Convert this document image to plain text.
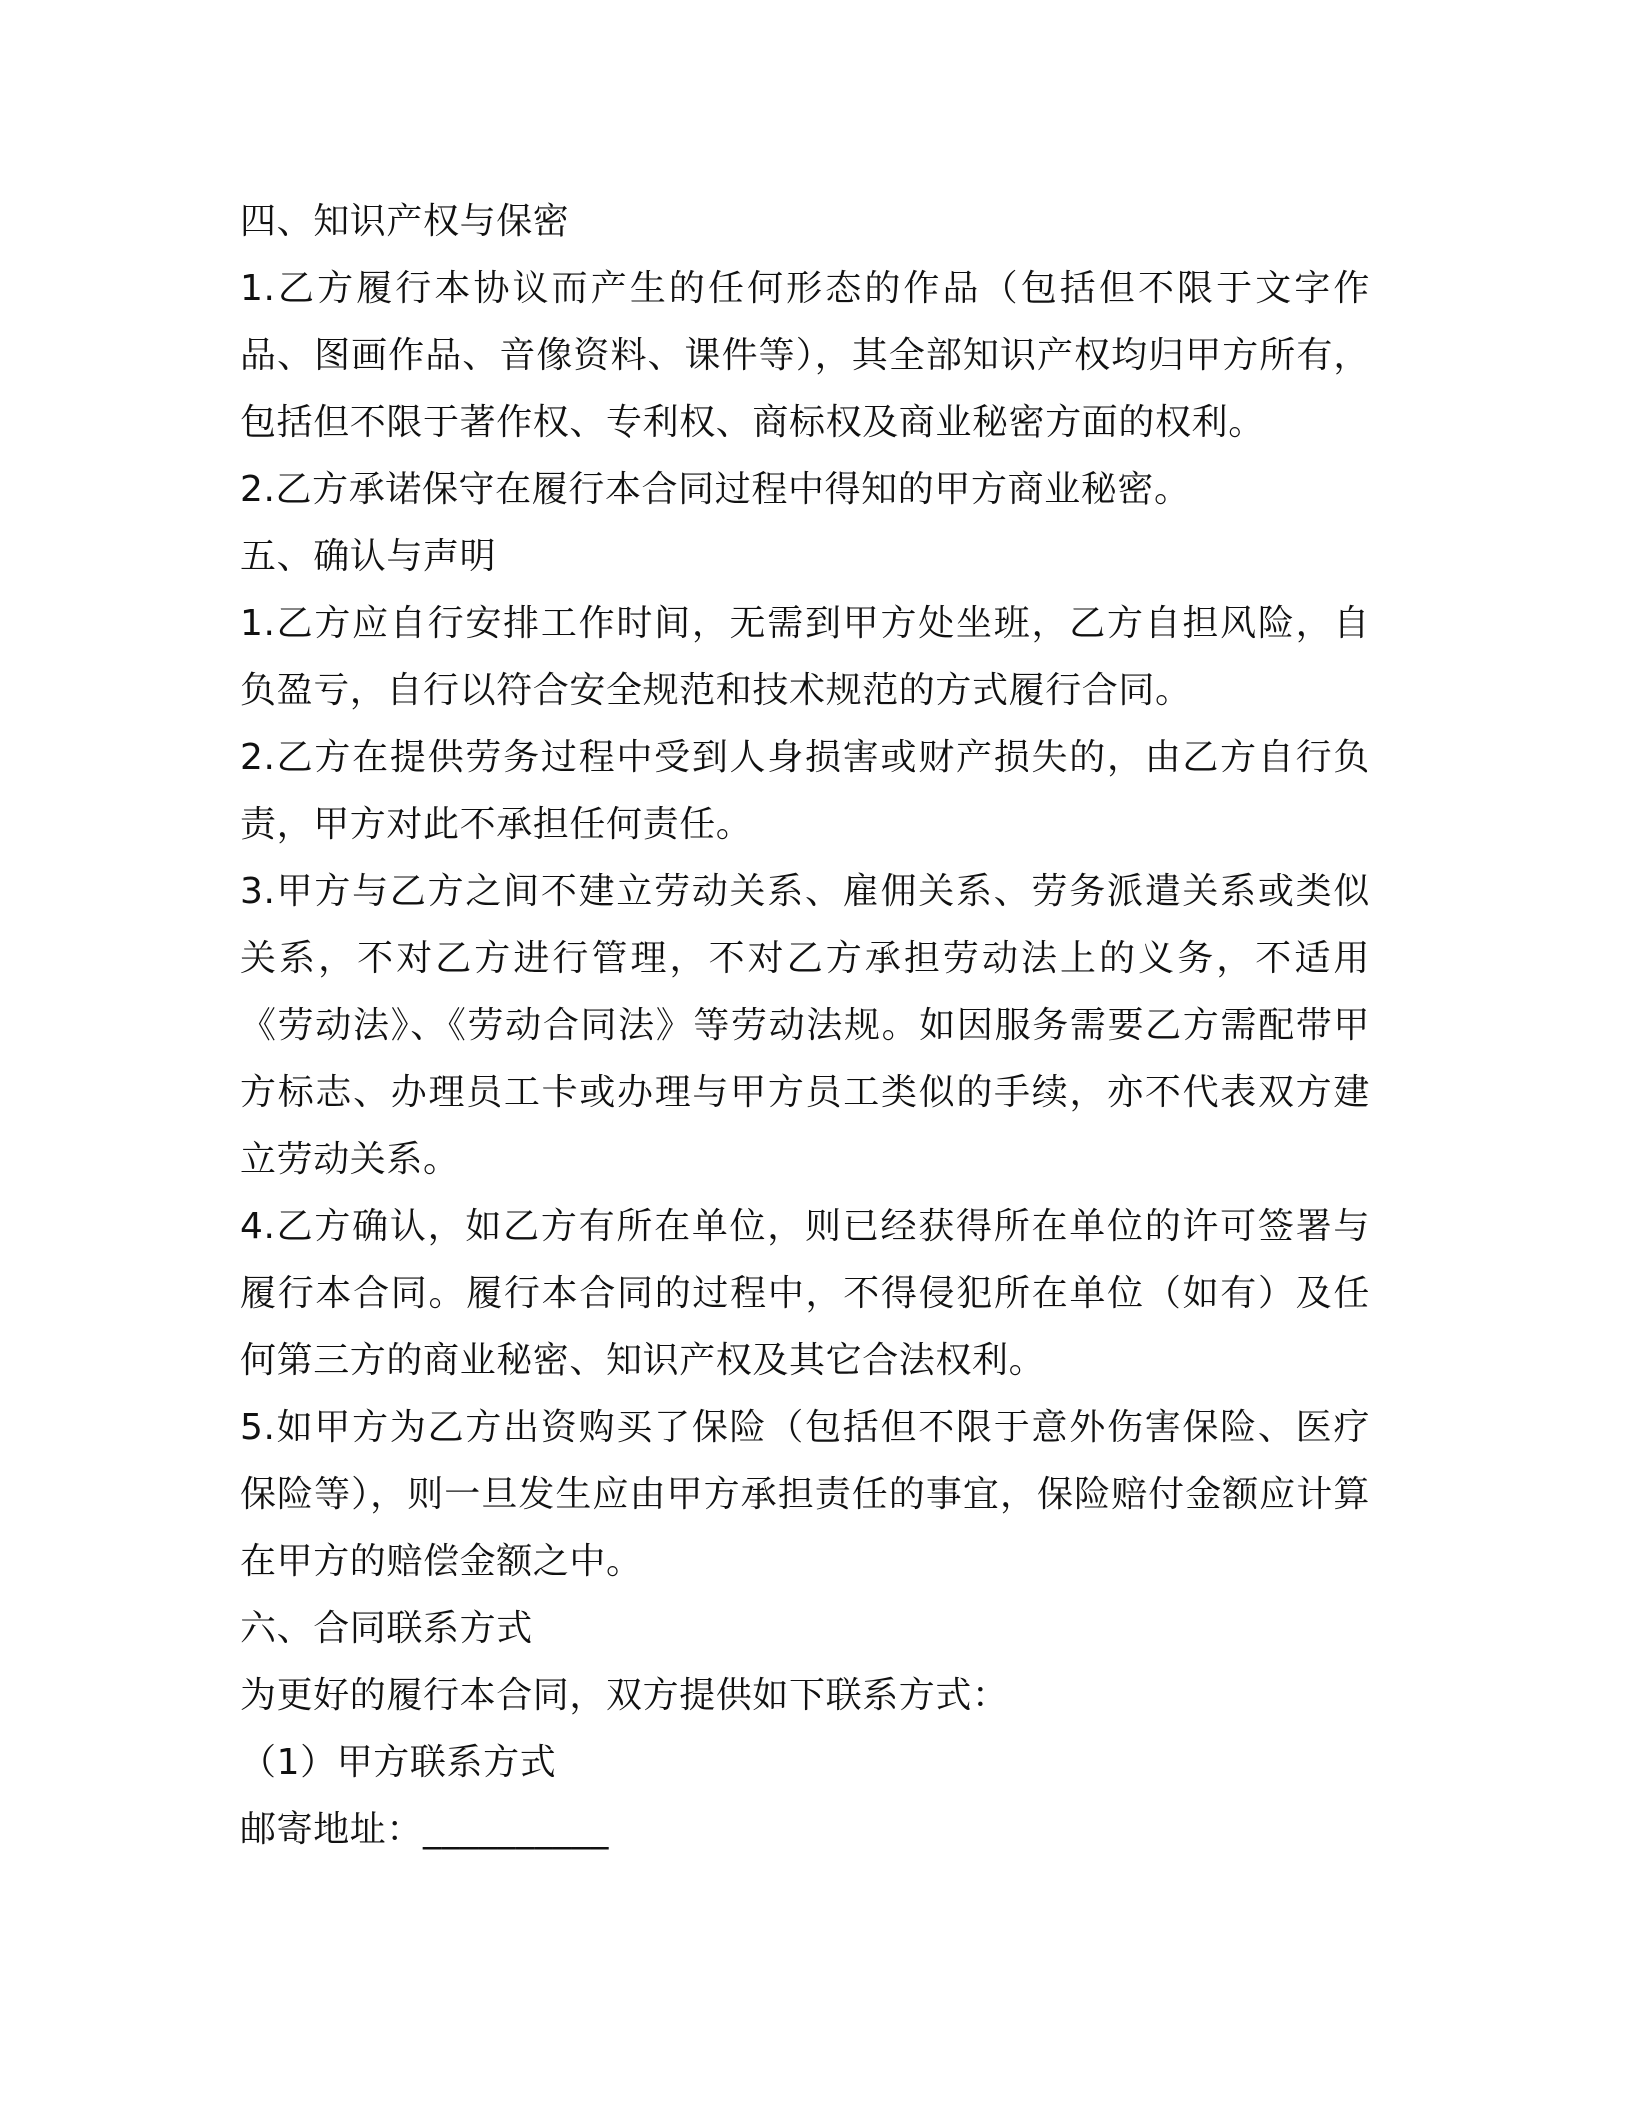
四、知识产权与保密

1.乙方履行本协议而产生的任何形态的作品（包括但不限于文字作品、图画作品、音像资料、课件等），其全部知识产权均归甲方所有，包括但不限于著作权、专利权、商标权及商业秘密方面的权利。

2.乙方承诺保守在履行本合同过程中得知的甲方商业秘密。

五、确认与声明

1.乙方应自行安排工作时间，无需到甲方处坐班，乙方自担风险，自负盈亏，自行以符合安全规范和技术规范的方式履行合同。

2.乙方在提供劳务过程中受到人身损害或财产损失的，由乙方自行负责，甲方对此不承担任何责任。

3.甲方与乙方之间不建立劳动关系、雇佣关系、劳务派遣关系或类似关系，不对乙方进行管理，不对乙方承担劳动法上的义务，不适用《劳动法》、《劳动合同法》等劳动法规。如因服务需要乙方需配带甲方标志、办理员工卡或办理与甲方员工类似的手续，亦不代表双方建立劳动关系。

4.乙方确认，如乙方有所在单位，则已经获得所在单位的许可签署与履行本合同。履行本合同的过程中，不得侵犯所在单位（如有）及任何第三方的商业秘密、知识产权及其它合法权利。

5.如甲方为乙方出资购买了保险（包括但不限于意外伤害保险、医疗保险等），则一旦发生应由甲方承担责任的事宜，保险赔付金额应计算在甲方的赔偿金额之中。

六、合同联系方式

为更好的履行本合同，双方提供如下联系方式：

（1）甲方联系方式

邮寄地址：__________
